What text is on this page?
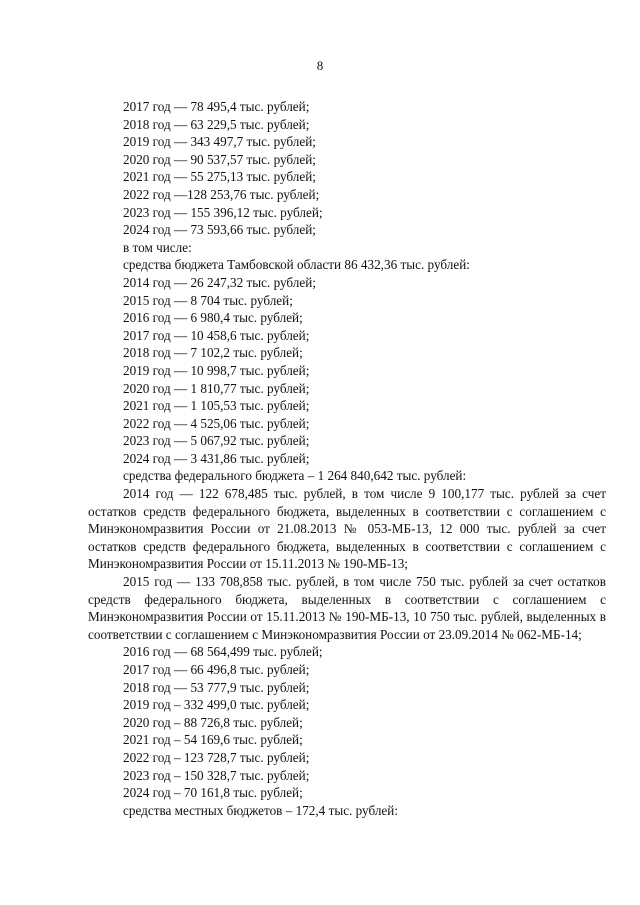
8
2017 год — 78 495,4 тыс. рублей;
2018 год — 63 229,5 тыс. рублей;
2019 год — 343 497,7 тыс. рублей;
2020 год — 90 537,57 тыс. рублей;
2021 год — 55 275,13 тыс. рублей;
2022 год —128 253,76 тыс. рублей;
2023 год — 155 396,12 тыс. рублей;
2024 год — 73 593,66 тыс. рублей;
в том числе:
средства бюджета Тамбовской области 86 432,36 тыс. рублей:
2014 год — 26 247,32 тыс. рублей;
2015 год — 8 704 тыс. рублей;
2016 год — 6 980,4 тыс. рублей;
2017 год — 10 458,6 тыс. рублей;
2018 год — 7 102,2 тыс. рублей;
2019 год — 10 998,7 тыс. рублей;
2020 год — 1 810,77 тыс. рублей;
2021 год — 1 105,53 тыс. рублей;
2022 год — 4 525,06 тыс. рублей;
2023 год — 5 067,92 тыс. рублей;
2024 год — 3 431,86 тыс. рублей;
средства федерального бюджета – 1 264 840,642 тыс. рублей:
2014 год — 122 678,485 тыс. рублей, в том числе 9 100,177 тыс. рублей за счет остатков средств федерального бюджета, выделенных в соответствии с соглашением с Минэкономразвития России от 21.08.2013 № 053-МБ-13, 12 000 тыс. рублей за счет остатков средств федерального бюджета, выделенных в соответствии с соглашением с Минэкономразвития России от 15.11.2013 № 190-МБ-13;
2015 год — 133 708,858 тыс. рублей, в том числе 750 тыс. рублей за счет остатков средств федерального бюджета, выделенных в соответствии с соглашением с Минэкономразвития России от 15.11.2013 № 190-МБ-13, 10 750 тыс. рублей, выделенных в соответствии с соглашением с Минэкономразвития России от 23.09.2014 № 062-МБ-14;
2016 год — 68 564,499 тыс. рублей;
2017 год — 66 496,8 тыс. рублей;
2018 год — 53 777,9 тыс. рублей;
2019 год – 332 499,0 тыс. рублей;
2020 год – 88 726,8 тыс. рублей;
2021 год – 54 169,6 тыс. рублей;
2022 год – 123 728,7 тыс. рублей;
2023 год – 150 328,7 тыс. рублей;
2024 год – 70 161,8 тыс. рублей;
средства местных бюджетов – 172,4 тыс. рублей:
